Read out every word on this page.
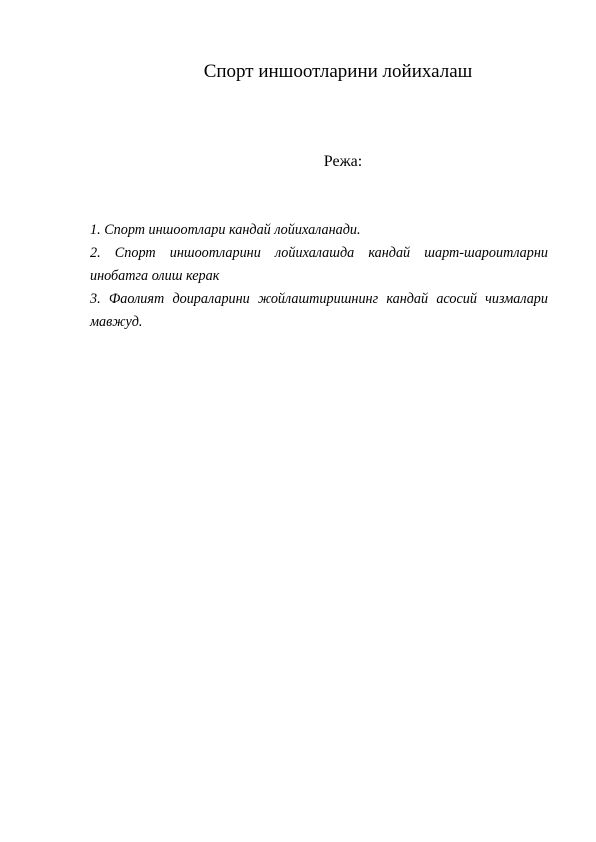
Спорт иншоотларини лойихалаш
Режа:
1. Спорт иншоотлари кандай лойихаланади.
2. Спорт иншоотларини лойихалашда кандай шарт-шароитларни инобатга олиш керак
3. Фаолият доираларини жойлаштиришнинг кандай асосий чизмалари мавжуд.
